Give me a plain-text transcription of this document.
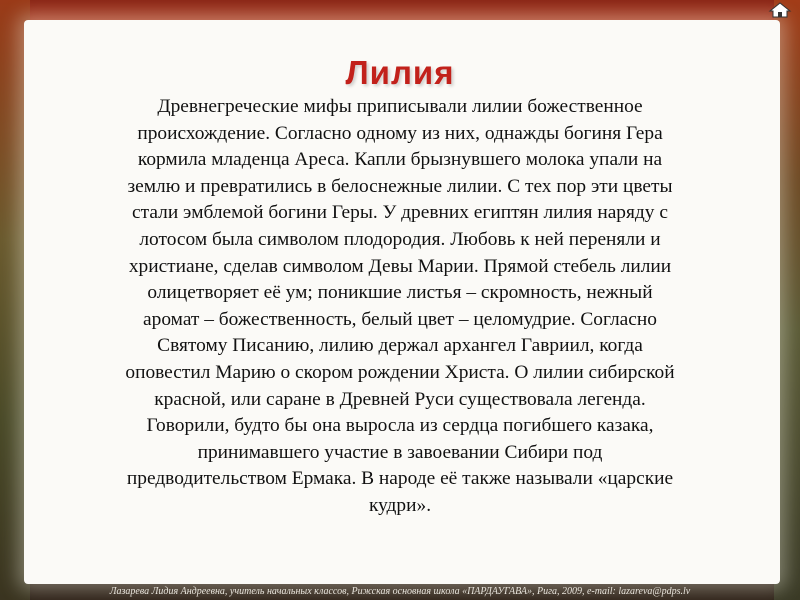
Лилия
Древнегреческие мифы приписывали лилии божественное
происхождение. Согласно одному из них, однажды богиня Гера
кормила младенца Ареса. Капли брызнувшего молока упали на
землю и превратились в белоснежные лилии. С тех пор эти цветы
стали эмблемой богини Геры. У древних египтян лилия наряду с
лотосом была символом плодородия. Любовь к ней переняли и
христиане, сделав символом Девы Марии. Прямой стебель лилии
олицетворяет её ум; поникшие листья – скромность, нежный
аромат – божественность, белый цвет – целомудрие. Согласно
Святому Писанию, лилию держал архангел Гавриил, когда
оповестил Марию о скором рождении Христа. О лилии сибирской
красной, или саране в Древней Руси существовала легенда.
Говорили, будто бы она выросла из сердца погибшего казака,
принимавшего участие в завоевании Сибири под
предводительством Ермака. В народе её также называли «царские
кудри».
Лазарева Лидия Андреевна, учитель начальных классов, Рижская основная школа «ПАРДАУГАВА», Рига, 2009, e-mail: lazareva@pdps.lv
